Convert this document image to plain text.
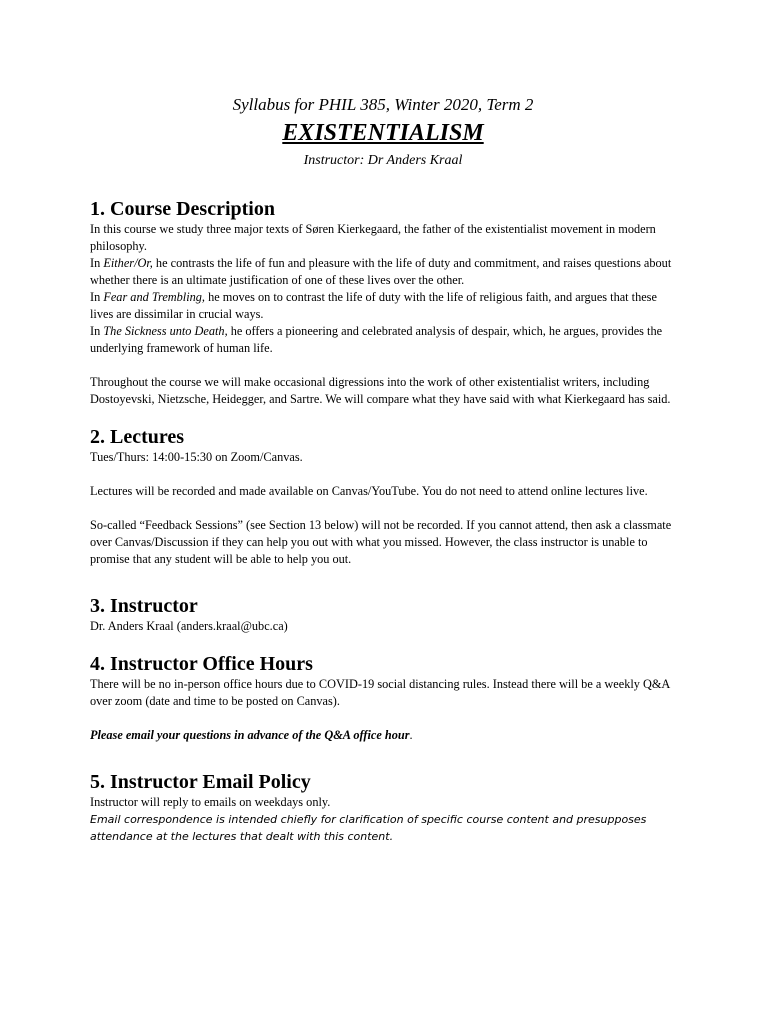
Syllabus for PHIL 385, Winter 2020, Term 2
EXISTENTIALISM
Instructor: Dr Anders Kraal
1. Course Description

In this course we study three major texts of Søren Kierkegaard, the father of the existentialist movement in modern philosophy.

In Either/Or, he contrasts the life of fun and pleasure with the life of duty and commitment, and raises questions about whether there is an ultimate justification of one of these lives over the other.

In Fear and Trembling, he moves on to contrast the life of duty with the life of religious faith, and argues that these lives are dissimilar in crucial ways.

In The Sickness unto Death, he offers a pioneering and celebrated analysis of despair, which, he argues, provides the underlying framework of human life.

Throughout the course we will make occasional digressions into the work of other existentialist writers, including Dostoyevski, Nietzsche, Heidegger, and Sartre. We will compare what they have said with what Kierkegaard has said.

2. Lectures

Tues/Thurs: 14:00-15:30 on Zoom/Canvas.

Lectures will be recorded and made available on Canvas/YouTube. You do not need to attend online lectures live.

So-called “Feedback Sessions” (see Section 13 below) will not be recorded. If you cannot attend, then ask a classmate over Canvas/Discussion if they can help you out with what you missed. However, the class instructor is unable to promise that any student will be able to help you out.

3. Instructor

Dr. Anders Kraal (anders.kraal@ubc.ca)

4. Instructor Office Hours

There will be no in-person office hours due to COVID-19 social distancing rules. Instead there will be a weekly Q&A over zoom (date and time to be posted on Canvas).

Please email your questions in advance of the Q&A office hour.

5. Instructor Email Policy

Instructor will reply to emails on weekdays only.

Email correspondence is intended chiefly for clarification of specific course content and presupposes attendance at the lectures that dealt with this content.
